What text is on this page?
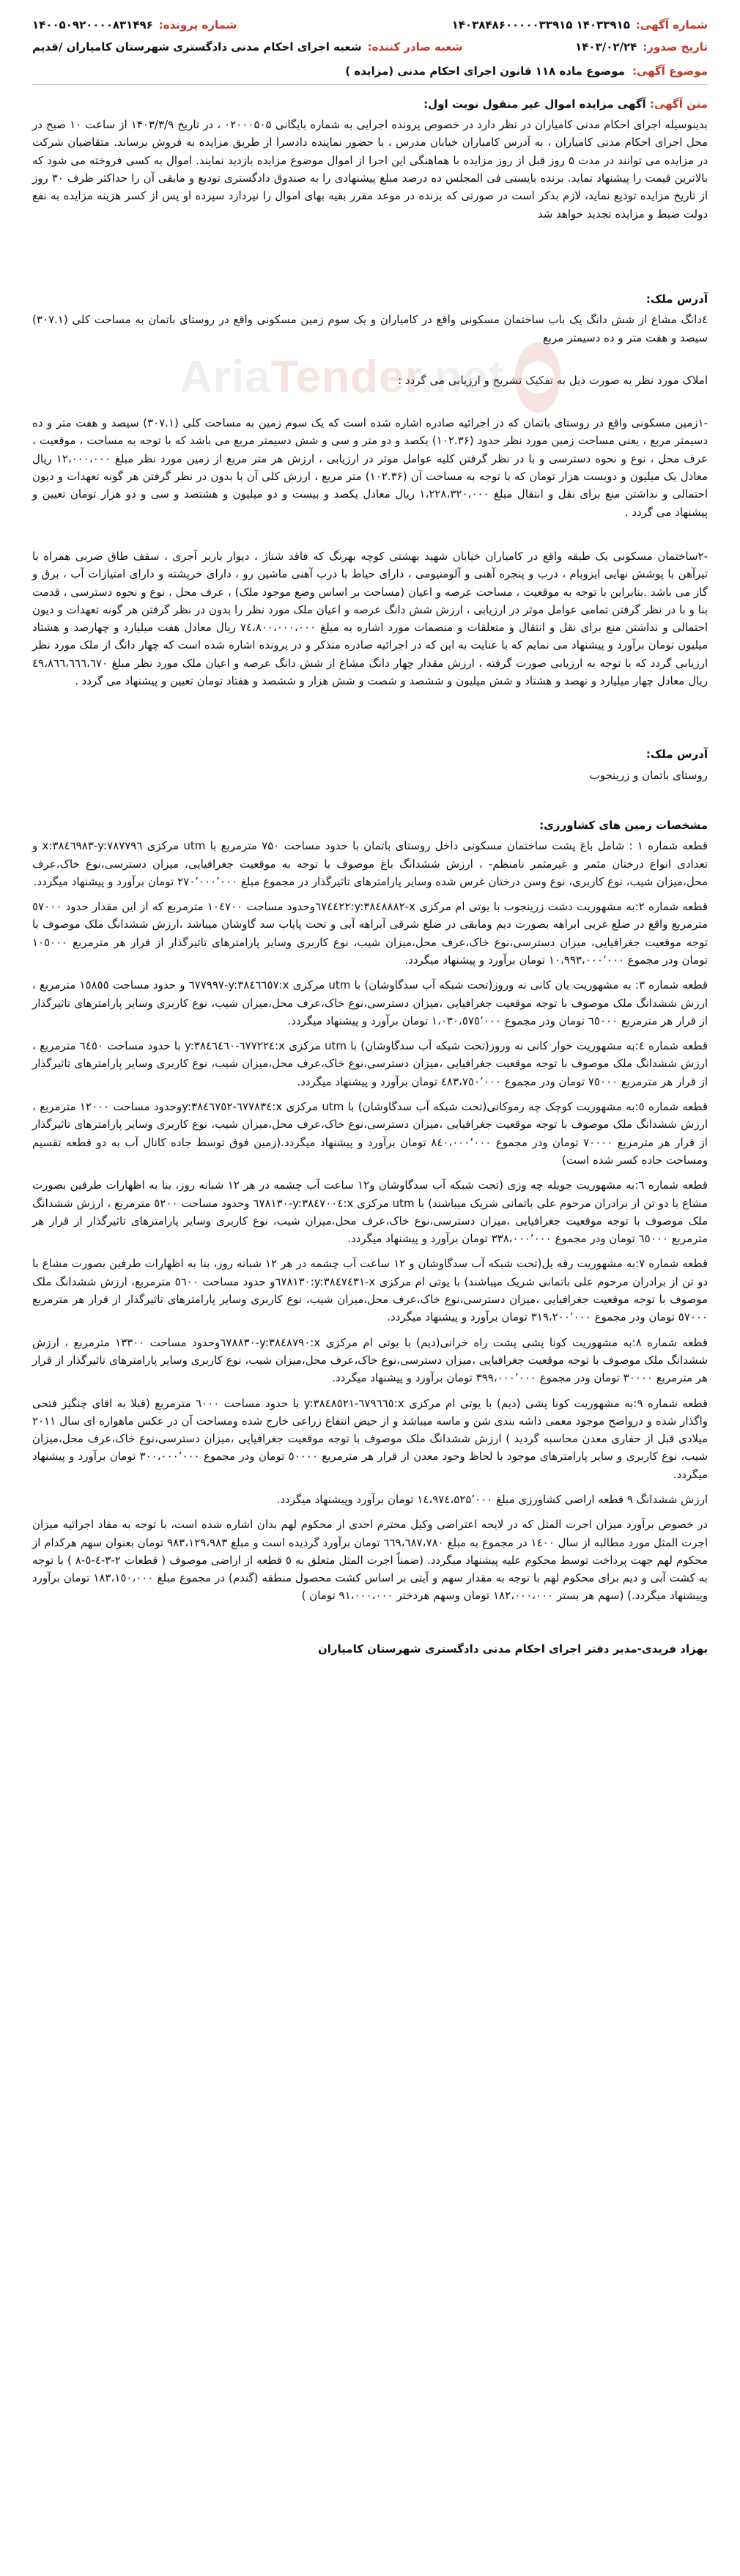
شماره آگهی:
۱۴۰۳۳۹۱۵ ۱۴۰۳۸۴۸۶۰۰۰۰۰۳۳۹۱۵
شماره پرونده:
۱۴۰۰۵۰۹۲۰۰۰۰۸۳۱۴۹۶
تاریخ صدور:
۱۴۰۳/۰۲/۲۴
شعبه صادر کننده:
شعبه اجرای احکام مدنی دادگستری شهرستان کامیاران /قدیم
موضوع آگهی:
موضوع ماده ۱۱۸ قانون اجرای احکام مدنی (مزایده )
متن آگهی: آگهی مزایده اموال غیر منقول نوبت اول:

بدینوسیله اجرای احکام مدنی کامیاران در نظر دارد در خصوص پرونده اجرایی به شماره بایگانی ۰۲۰۰۰۵۰۵ ، در تاریخ ۱۴۰۳/۳/۹ از ساعت ۱۰ صبح در محل اجرای احکام مدنی کامیاران ، به آدرس کامیاران خیابان مدرس ، با حضور نماینده دادسرا از طریق مزایده به فروش برساند. متقاضیان شرکت در مزایده می توانند در مدت ۵ روز قبل از روز مزایده با هماهنگی این اجرا از اموال موضوع مزایده بازدید نمایند. اموال به کسی فروخته می شود که بالاترین قیمت را پیشنهاد نماید. برنده بایستی فی المجلس ده درصد مبلغ پیشنهادی را به صندوق دادگستری تودیع و مابقی آن را حداکثر ظرف ۳۰ روز از تاریخ مزایده تودیع نماید، لازم بذکر است در صورتی که برنده در موعد مقرر بقیه بهای اموال را نپردازد سپرده او پس از کسر هزینه مزایده به نفع دولت ضبط و مزایده تجدید خواهد شد

آدرس ملک:

٤دانگ مشاع از شش دانگ یک باب ساختمان مسکونی واقع در کامیاران و یک سوم زمین مسکونی واقع در روستای باتمان به مساحت کلی (۳۰۷.۱) سیصد و هفت متر و ده دسیمتر مربع

املاک مورد نظر به صورت ذیل به تفکیک تشریح و ارزیابی می گردد :

-۱زمین مسکونی واقع در روستای باتمان که در اجرائیه صادره اشاره شده است که یک سوم زمین به مساحت کلی (۳۰۷.۱) سیصد و هفت متر و ده دسیمتر مربع ، یعنی مساحت زمین مورد نظر حدود (۱۰۲.۳۶) یکصد و دو متر و سی و شش دسیمتر مربع می باشد که با توجه به مساحت ، موقعیت ، عرف محل ، نوع و نحوه دسترسی و با در نظر گرفتن کلیه عوامل موثر در ارزیابی ، ارزش هر متر مربع از زمین مورد نظر مبلغ ۱۲،۰۰۰،۰۰۰ ریال معادل یک میلیون و دویست هزار تومان که با توجه به مساحت آن (۱۰۲.۳۶) متر مربع ، ارزش کلی آن با بدون در نظر گرفتن هر گونه تعهدات و دیون احتمالی و نداشتن منع برای نقل و انتقال مبلغ ۱،۲۲۸،۳۲۰،۰۰۰ ریال معادل یکصد و بیست و دو میلیون و هشتصد و سی و دو هزار تومان تعیین و پیشنهاد می گردد .

-۲ساختمان مسکونی یک طبقه واقع در کامیاران خیابان شهید بهشتی کوچه بهرنگ که فاقد شناژ ، دیوار باربر آجری ، سقف طاق ضربی همراه با تیرآهن با پوشش نهایی ایزوبام ، درب و پنجره آهنی و آلومنیومی ، دارای حیاط با درب آهنی ماشین رو ، دارای خرپشته و دارای امتیازات آب ، برق و گاز می باشد .بنابراین با توجه به موقعیت ، مساحت عرصه و اعیان (مساحت بر اساس وضع موجود ملک) ، عرف محل ، نوع و نحوه دسترسی ، قدمت بنا و با در نظر گرفتن تمامی عوامل موثر در ارزیابی ، ارزش شش دانگ عرصه و اعیان ملک مورد نظر را بدون در نظر گرفتن هر گونه تعهدات و دیون احتمالی و نداشتن منع برای نقل و انتقال و متعلقات و منضمات مورد اشاره به مبلغ ۷٤،۸۰۰،۰۰۰،۰۰۰ ریال معادل هفت میلیارد و چهارصد و هشتاد میلیون تومان برآورد و پیشنهاد می نمایم که با عنایت به این که در اجرائیه صادره متذکر و در پرونده اشاره شده است که چهار دانگ از ملک مورد نظر ارزیابی گردد که با توجه به ارزیابی صورت گرفته ، ارزش مقدار چهار دانگ مشاع از شش دانگ عرصه و اعیان ملک مورد نظر مبلغ ٤۹،۸٦٦،٦٦٦،٦٧۰ ریال معادل چهار میلیارد و نهصد و هشتاد و شش میلیون و ششصد و شصت و شش هزار و ششصد و هفتاد تومان تعیین و پیشنهاد می گردد .

آدرس ملک:

روستای باتمان و زرینجوب

مشخصات زمین های کشاورزی:

قطعه شماره ۱ : شامل باغ پشت ساختمان مسکونی داخل روستای باتمان با حدود مساحت ۷۵۰ مترمربع با utm مرکزی x:۳۸٤٦۹۸۳-y:۷۸۷۷۹٦ و تعدادی انواع درختان مثمر و غیرمثمر نامنظم- ، ارزش ششدانگ باغ موصوف با توجه به موقعیت جغرافیایی، میزان دسترسی،نوع خاک،عرف محل،میزان شیب، نوع کاربری، نوع وسن درختان غرس شده وسایر پارامترهای تاثیرگذار در مجموع مبلغ ۲۷۰٬۰۰۰٬۰۰۰ تومان برآورد و پیشنهاد میگردد.

قطعه شماره ۲:به مشهوریت دشت زرینجوب با یوتی ام مرکزی y:۳۸٤۸۸۸۲-x:٦۷٤٤۲۲وحدود مساحت ۱۰٤۷۰۰ مترمربع که از این مقدار حدود ٥۷۰۰۰ مترمربع واقع در ضلع غربی ابراهه بصورت دیم ومابقی در ضلع شرقی آبراهه آبی و تحت پایاب سد گاوشان میباشد ،ارزش ششدانگ ملک موصوف با توجه موقعیت جغرافیایی، میزان دسترسی،نوع خاک،عرف محل،میزان شیب، نوع کاربری وسایر پارامترهای تاثیرگذار از قرار هر مترمربع ۱۰٥۰۰۰ تومان ودر مجموع ۱۰،۹۹۳،۰۰۰٬۰۰۰ تومان برآورد و پیشنهاد میگردد.

قطعه شماره ۳: به مشهوریت یان کانی نه وروز(تحت شبکه آب سدگاوشان) با utm مرکزی x:٦۷۷۹٩۷-y:۳۸٤٦٦٥۷ و حدود مساحت ۱٥۸٥٥ مترمربع ، ارزش ششدانگ ملک موصوف با توجه موقعیت جغرافیایی ،میزان دسترسی،نوع خاک،عرف محل،میزان شیب، نوع کاربری وسایر پارامترهای تاثیرگذار از قرار هر مترمربع ٦٥۰۰۰ تومان ودر مجموع ۱،۰۳۰،٥۷٥٬۰۰۰ تومان برآورد و پیشنهاد میگردد.

قطعه شماره ٤:به مشهوریت خوار کانی نه وروز(تحت شبکه آب سدگاوشان) با utm مرکزی x:٦۷۷۲۲٤-y:۳۸٤٦٤٦۰ با حدود مساحت ٦٤٥۰ مترمربع ، ارزش ششدانگ ملک موصوف با توجه موقعیت جغرافیایی ،میزان دسترسی،نوع خاک،عرف محل،میزان شیب، نوع کاربری وسایر پارامترهای تاثیرگذار از قرار هر مترمربع ۷٥۰۰۰ تومان ودر مجموع ٤۸۳،۷٥۰٬۰۰۰ تومان برآورد و پیشنهاد میگردد.

قطعه شماره ٥:به مشهوریت کوچک چه رموکانی(تحت شبکه آب سدگاوشان) با utm مرکزی x:٦۷۷۸۳٤-y:۳۸٤٦۷٥۲وحدود مساحت ۱۲۰۰۰ مترمربع ، ارزش ششدانگ ملک موصوف با توجه موقعیت جغرافیایی ،میزان دسترسی،نوع خاک،عرف محل،میزان شیب، نوع کاربری وسایر پارامترهای تاثیرگذار از قرار هر مترمربع ۷۰۰۰۰ تومان ودر مجموع ۸٤۰،۰۰۰٬۰۰۰ تومان برآورد و پیشنهاد میگردد.(زمین فوق توسط جاده کانال آب به دو قطعه تقسیم ومساحت جاده کسر شده است)

قطعه شماره ٦:به مشهوریت جویله چه وزی (تحت شبکه آب سدگاوشان و۱۲ ساعت آب چشمه در هر ۱۲ شبانه روز، بنا به اظهارات طرفین بصورت مشاع با دو تن از برادران مرحوم علی باتمانی شریک میباشند) با utm مرکزی x:٦۷۸۱۳۰-y:۳۸٤۷۰۰٤ وحدود مساحت ٥٢۰۰ مترمربع ، ارزش ششدانگ ملک موصوف با توجه موقعیت جغرافیایی ،میزان دسترسی،نوع خاک،عرف محل،میزان شیب، نوع کاربری وسایر پارامترهای تاثیرگذار از قرار هر مترمربع ٦٥۰۰۰ تومان ودر مجموع ۳۳۸،۰۰۰٬۰۰۰ تومان برآورد و پیشنهاد میگردد.

قطعه شماره ۷:به مشهوریت رقه یل(تحت شبکه آب سدگاوشان و ۱۲ ساعت آب چشمه در هر ۱۲ شبانه روز، بنا به اظهارات طرفین بصورت مشاع با دو تن از برادران مرحوم علی باتمانی شریک میباشند) با یوتی ام مرکزی y:۳۸٤۷٤۳۱-x:٦۷۸۱۳۰و حدود مساحت ٥٦۰۰ مترمربع، ارزش ششدانگ ملک موصوف با توجه موقعیت جغرافیایی ،میزان دسترسی،نوع خاک،عرف محل،میزان شیب، نوع کاربری وسایر پارامترهای تاثیرگذار از قرار هر مترمربع ٥۷۰۰۰ تومان ودر مجموع ۳۱۹،۲۰۰٬۰۰۰ تومان برآورد و پیشنهاد میگردد.

قطعه شماره ۸:به مشهوریت کونا پشی پشت راه خرانی(دیم) با یوتی ام مرکزی x:٦۷۸۸۳۰-y:۳۸٤۸۷۹۰وحدود مساحت ۱۳۳۰۰ مترمربع ، ارزش ششدانگ ملک موصوف با توجه موقعیت جغرافیایی ،میزان دسترسی،نوع خاک،عرف محل،میزان شیب، نوع کاربری وسایر پارامترهای تاثیرگذار از قرار هر مترمربع ۳۰۰۰۰ تومان ودر مجموع ۳۹۹،۰۰۰٬۰۰۰ تومان برآورد و پیشنهاد میگردد.

قطعه شماره ۹:به مشهوریت کونا پشی (دیم) با یوتی ام مرکزی x:٦۷۹٦٦٥-y:۳۸٤۸٥۲۱ با حدود مساحت ٦۰۰۰ مترمربع (قبلا به اقای چنگیز فتحی واگذار شده و درواضح موجود معمی داشه بندی شن و ماسه میباشد و از حیض انتفاع زراعی خارج شده ومساحت آن در عکس ماهواره ای سال ۲۰۱۱ میلادی قبل از حفاری معدن محاسبه گردید ) ارزش ششدانگ ملک موصوف با توجه موقعیت جغرافیایی ،میزان دسترسی،نوع خاک،عرف محل،میزان شیب، نوع کاربری و سایر پارامترهای موجود با لحاظ وجود معدن از قرار هر مترمربع ٥۰۰۰۰ تومان ودر مجموع ۳۰۰،۰۰۰٬۰۰۰ تومان برآورد و پیشنهاد میگردد.

ارزش ششدانگ ۹ قطعه اراضی کشاورزی مبلغ ۱٤،۹۷٤،۵۲۵٬۰۰۰ تومان برآورد وپیشنهاد میگردد.

در خصوص برآورد میزان اجرت المثل که در لایحه اعتراضی وکیل محترم احدی از محکوم لهم بدان اشاره شده است، با توجه به مفاد اجرائیه میزان اجرت المثل مورد مطالبه از سال ۱٤۰۰ در مجموع به مبلغ ٦٦۹،٦۸۷،۷۸۰ تومان برآورد گردیده است و مبلغ ۹۸۳،۱۲۹،۹۸۳ تومان بعنوان سهم هرکدام از محکوم لهم جهت پرداخت توسط محکوم علیه پیشنهاد میگردد. (ضمناً اجرت المثل متعلق به ٥ قطعه از اراضی موصوف ( قطعات ۲-۳-٤-٥-۸ ) با توجه به کشت آبی و دیم برای محکوم لهم با توجه به مقدار سهم و آیتی بر اساس کشت محصول منطقه (گندم) در مجموع مبلغ ۱۸۳،۱٥۰،۰۰۰ تومان برآورد وپیشنهاد میگردد.) (سهم هر بستر ۱۸۲،۰۰۰،۰۰۰ تومان وسهم هردختر ۹۱،۰۰۰،۰۰۰ تومان )

بهزاد فریدی-مدیر دفتر اجرای احکام مدنی دادگستری شهرستان کامیاران
AriaTender.net
